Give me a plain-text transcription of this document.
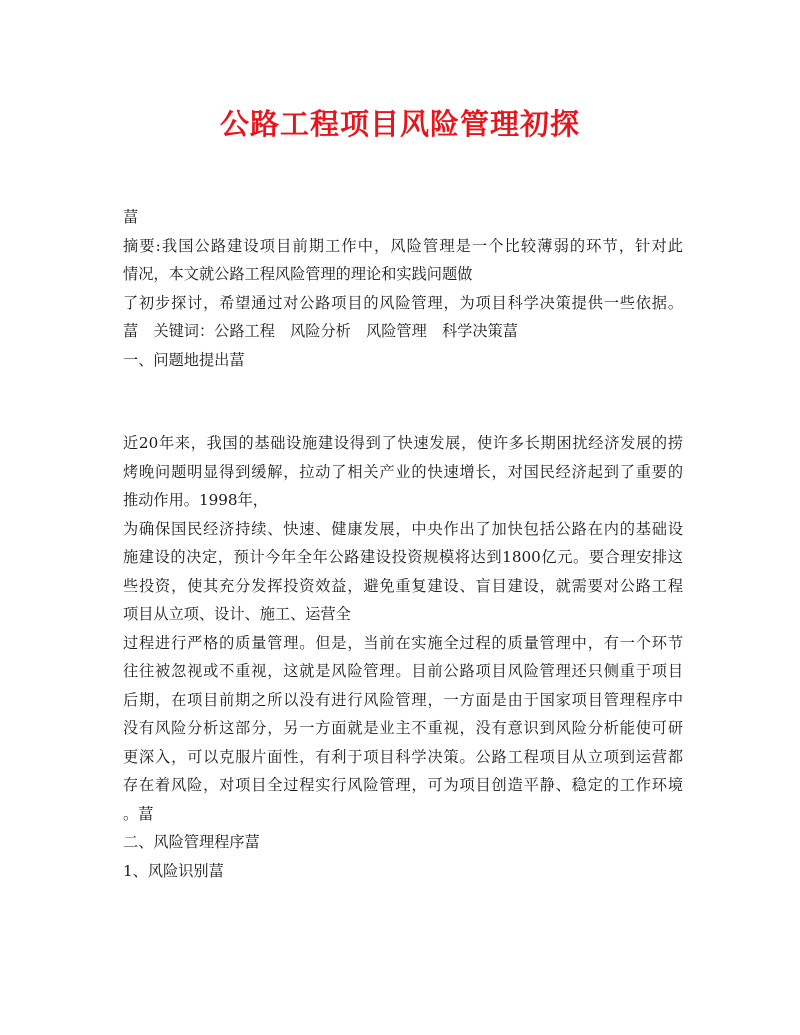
公路工程项目风险管理初探
葍
摘要:我国公路建设项目前期工作中，风险管理是一个比较薄弱的环节，针对此
情况，本文就公路工程风险管理的理论和实践问题做
了初步探讨，希望通过对公路项目的风险管理，为项目科学决策提供一些依据。
葍　关键词：公路工程　风险分析　风险管理　科学决策葍
一、问题地提出葍
近20年来，我国的基础设施建设得到了快速发展，使许多长期困扰经济发展的捞
烤晚问题明显得到缓解，拉动了相关产业的快速增长，对国民经济起到了重要的
推动作用。1998年，
为确保国民经济持续、快速、健康发展，中央作出了加快包括公路在内的基础设
施建设的决定，预计今年全年公路建设投资规模将达到1800亿元。要合理安排这
些投资，使其充分发挥投资效益，避免重复建设、盲目建设，就需要对公路工程
项目从立项、设计、施工、运营全
过程进行严格的质量管理。但是，当前在实施全过程的质量管理中，有一个环节
往往被忽视或不重视，这就是风险管理。目前公路项目风险管理还只侧重于项目
后期，在项目前期之所以没有进行风险管理，一方面是由于国家项目管理程序中
没有风险分析这部分，另一方面就是业主不重视，没有意识到风险分析能使可研
更深入，可以克服片面性，有利于项目科学决策。公路工程项目从立项到运营都
存在着风险，对项目全过程实行风险管理，可为项目创造平静、稳定的工作环境
。葍
二、风险管理程序葍
1、风险识别葍
